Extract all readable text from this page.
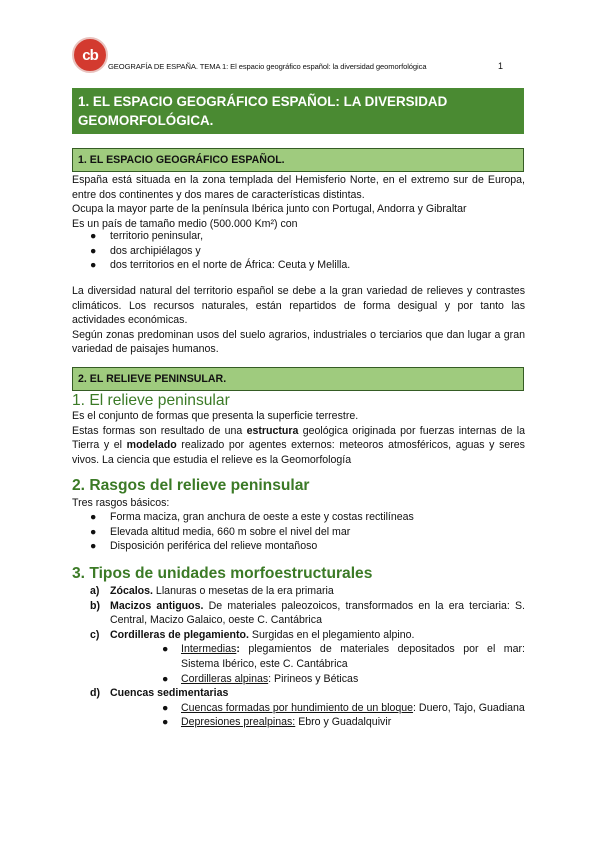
cb
GEOGRAFÍA DE ESPAÑA. TEMA 1: El espacio geográfico español: la diversidad geomorfológica	1
1. EL ESPACIO GEOGRÁFICO ESPAÑOL: LA DIVERSIDAD GEOMORFOLÓGICA.
1. EL ESPACIO GEOGRÁFICO ESPAÑOL.

España está situada en la zona templada del Hemisferio Norte, en el extremo sur de Europa, entre dos continentes y dos mares de características distintas.

Ocupa la mayor parte de la península Ibérica junto con Portugal, Andorra y Gibraltar

Es un país de tamaño medio (500.000 Km²) con

● territorio peninsular,
● dos archipiélagos y
● dos territorios en el norte de África: Ceuta y Melilla.

La diversidad natural del territorio español se debe a la gran variedad de relieves y contrastes climáticos. Los recursos naturales, están repartidos de forma desigual y por tanto las actividades económicas.

Según zonas predominan usos del suelo agrarios, industriales o terciarios que dan lugar a gran variedad de paisajes humanos.

2. EL RELIEVE PENINSULAR.
1. El relieve peninsular

Es el conjunto de formas que presenta la superficie terrestre.

Estas formas son resultado de una estructura geológica originada por fuerzas internas de la Tierra y el modelado realizado por agentes externos: meteoros atmosféricos, aguas y seres vivos. La ciencia que estudia el relieve es la Geomorfología

2. Rasgos del relieve peninsular
Tres rasgos básicos:
● Forma maciza, gran anchura de oeste a este y costas rectilíneas
● Elevada altitud media, 660 m sobre el nivel del mar
● Disposición periférica del relieve montañoso
3. Tipos de unidades morfoestructurales
a) Zócalos. Llanuras o mesetas de la era primaria
b) Macizos antiguos. De materiales paleozoicos, transformados en la era terciaria: S. Central, Macizo Galaico, oeste C. Cantábrica
c) Cordilleras de plegamiento. Surgidas en el plegamiento alpino.
● Intermedias: plegamientos de materiales depositados por el mar: Sistema Ibérico, este C. Cantábrica
● Cordilleras alpinas: Pirineos y Béticas
d) Cuencas sedimentarias
● Cuencas formadas por hundimiento de un bloque: Duero, Tajo, Guadiana
● Depresiones prealpinas: Ebro y Guadalquivir
